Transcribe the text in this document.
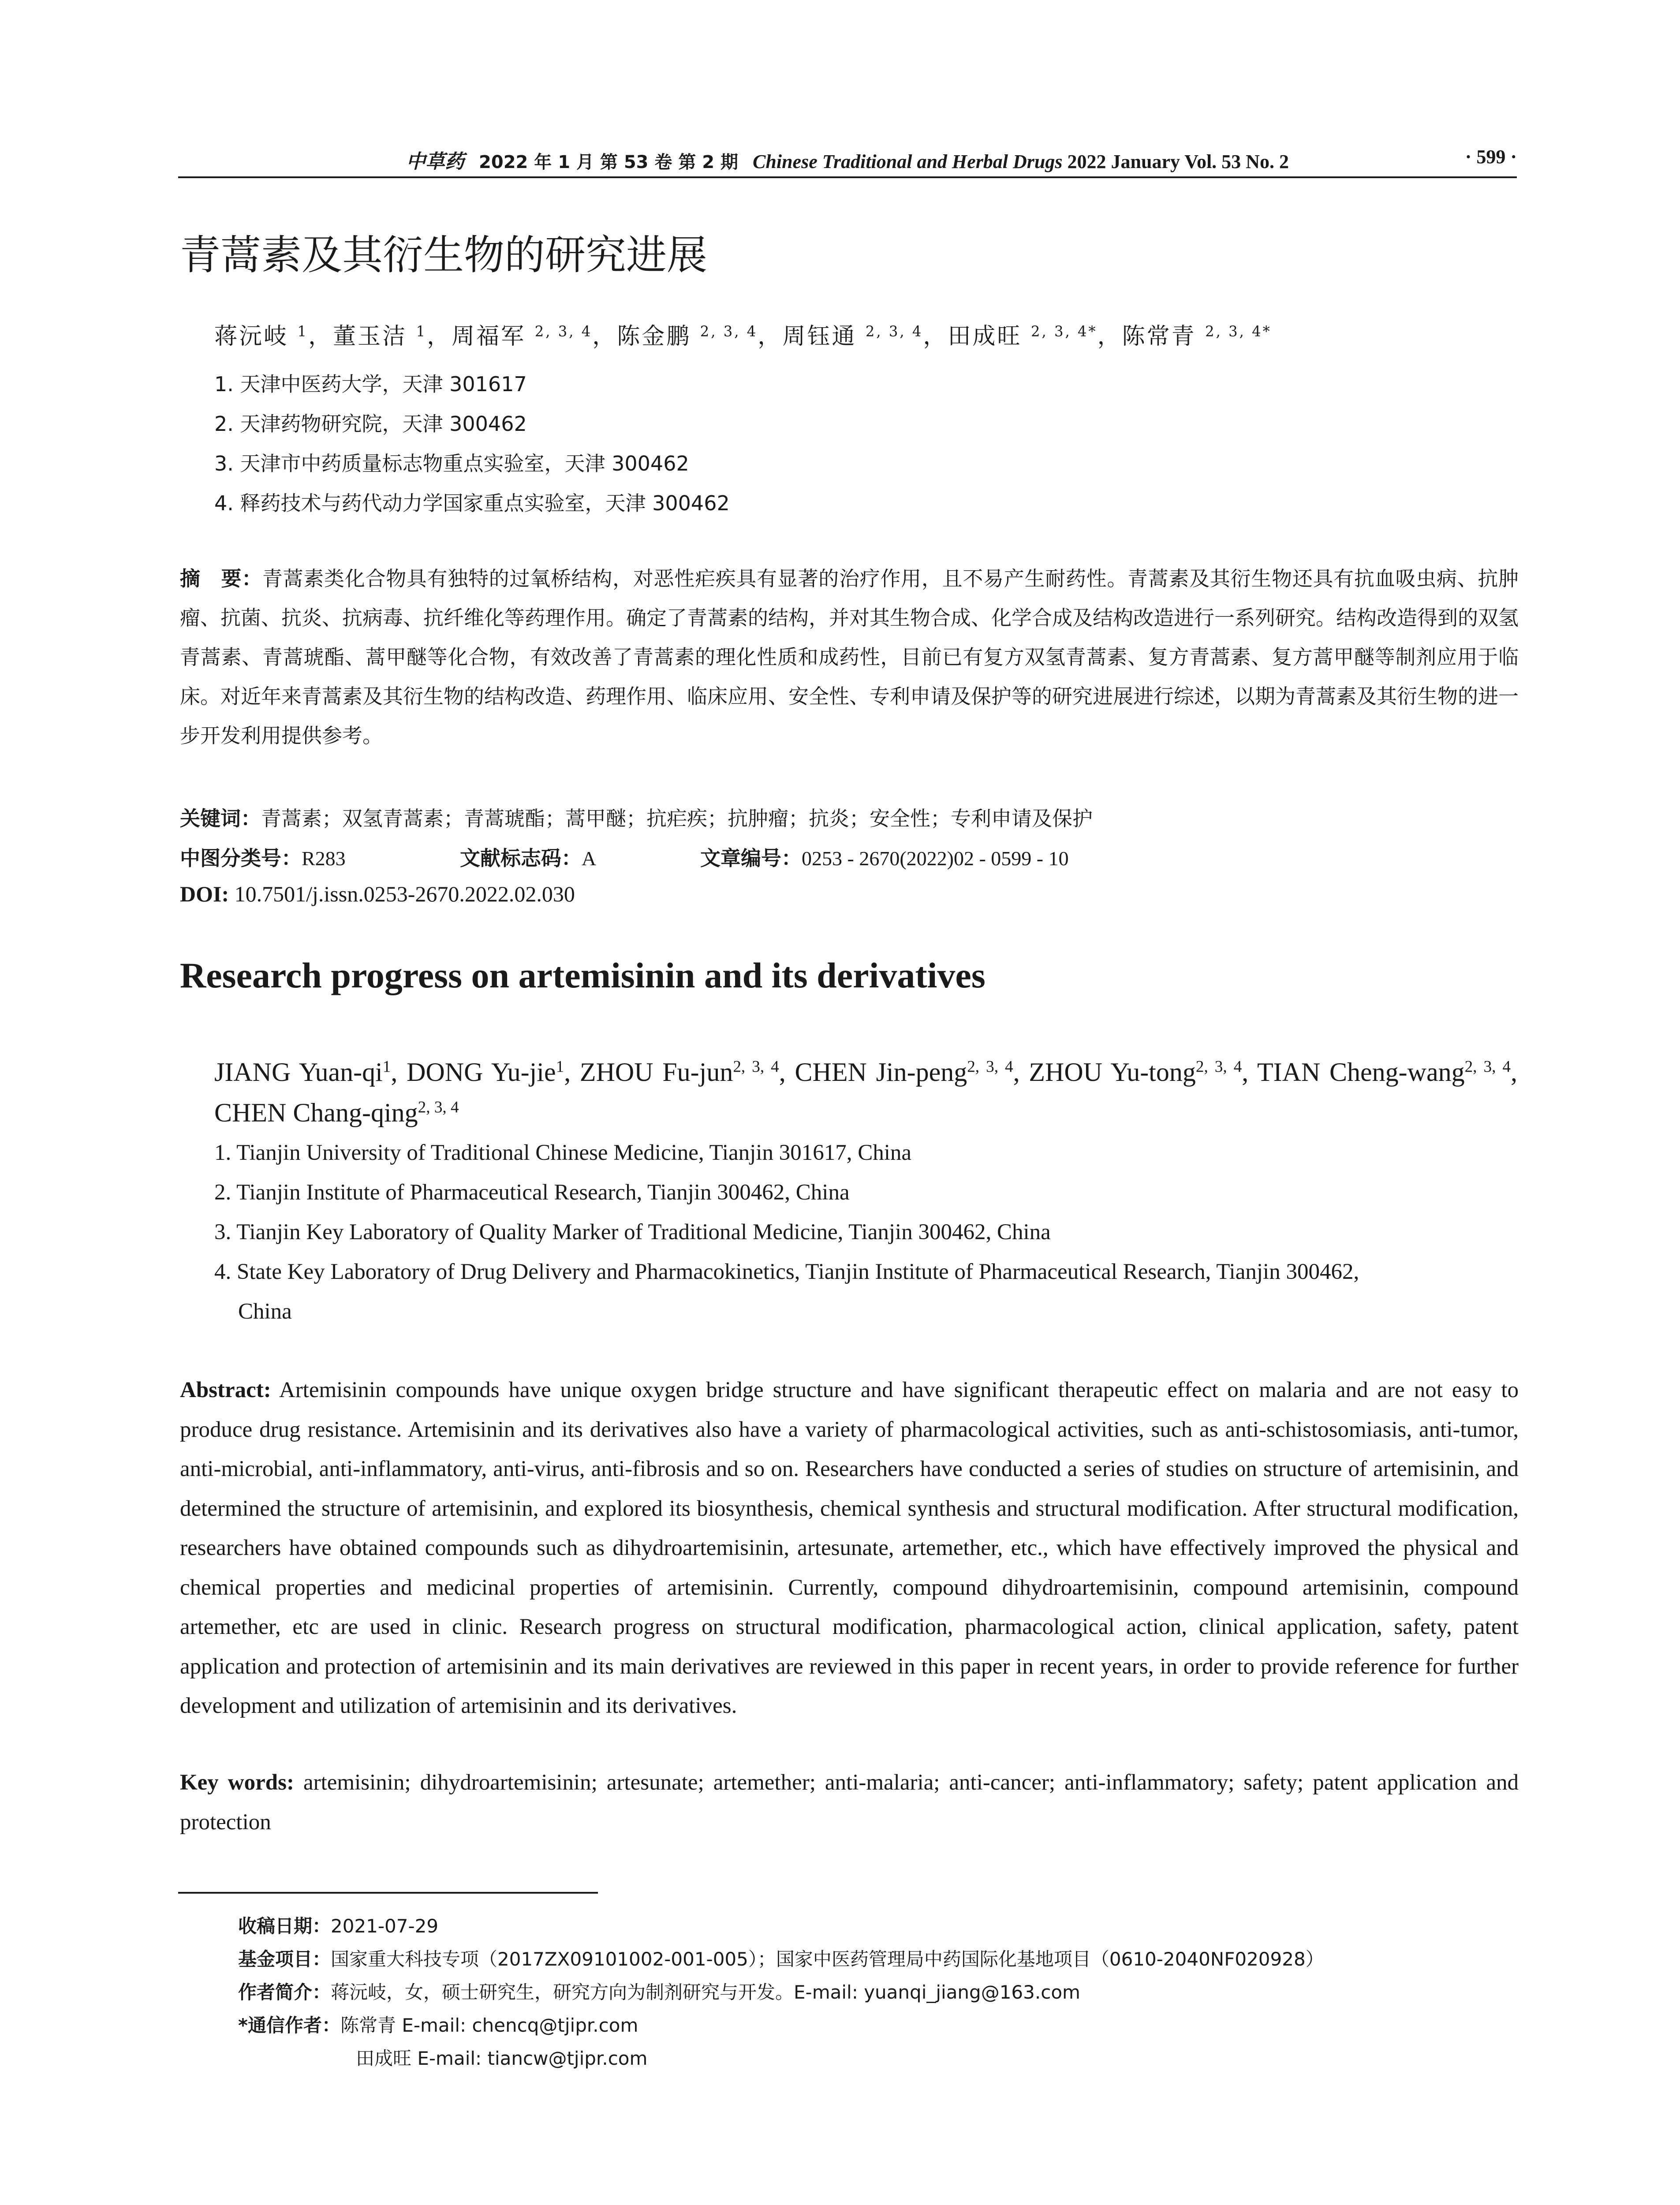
中草药 2022 年 1 月 第 53 卷 第 2 期 Chinese Traditional and Herbal Drugs 2022 January Vol. 53 No. 2	· 599 ·
青蒿素及其衍生物的研究进展
蒋沅岐 $^1$，董玉洁 $^1$，周福军 $^{2, 3, 4}$，陈金鹏 $^{2, 3, 4}$，周钰通 $^{2, 3, 4}$，田成旺 $^{2, 3, 4*}$，陈常青 $^{2, 3, 4*}$
1. 天津中医药大学，天津 301617
2. 天津药物研究院，天津 300462
3. 天津市中药质量标志物重点实验室，天津 300462
4. 释药技术与药代动力学国家重点实验室，天津 300462
摘　要：青蒿素类化合物具有独特的过氧桥结构，对恶性疟疾具有显著的治疗作用，且不易产生耐药性。青蒿素及其衍生物还具有抗血吸虫病、抗肿瘤、抗菌、抗炎、抗病毒、抗纤维化等药理作用。确定了青蒿素的结构，并对其生物合成、化学合成及结构改造进行一系列研究。结构改造得到的双氢青蒿素、青蒿琥酯、蒿甲醚等化合物，有效改善了青蒿素的理化性质和成药性，目前已有复方双氢青蒿素、复方青蒿素、复方蒿甲醚等制剂应用于临床。对近年来青蒿素及其衍生物的结构改造、药理作用、临床应用、安全性、专利申请及保护等的研究进展进行综述，以期为青蒿素及其衍生物的进一步开发利用提供参考。
关键词：青蒿素；双氢青蒿素；青蒿琥酯；蒿甲醚；抗疟疾；抗肿瘤；抗炎；安全性；专利申请及保护
中图分类号：R283	文献标志码：A	文章编号：0253 - 2670(2022)02 - 0599 - 10
DOI: 10.7501/j.issn.0253-2670.2022.02.030
Research progress on artemisinin and its derivatives
JIANG Yuan-$qi^1$, DONG Yu-jie$^1$, ZHOU Fu-jun$^{2, 3, 4}$, CHEN Jin-peng$^{2, 3, 4}$, ZHOU Yu-tong$^{2, 3, 4}$, TIAN Cheng-wang$^{2, 3, 4}$, CHEN Chang-qing$^{2, 3, 4}$
1. Tianjin University of Traditional Chinese Medicine, Tianjin 301617, China
2. Tianjin Institute of Pharmaceutical Research, Tianjin 300462, China
3. Tianjin Key Laboratory of Quality Marker of Traditional Medicine, Tianjin 300462, China
4. State Key Laboratory of Drug Delivery and Pharmacokinetics, Tianjin Institute of Pharmaceutical Research, Tianjin 300462,
China
Abstract: Artemisinin compounds have unique oxygen bridge structure and have significant therapeutic effect on malaria and are not easy to produce drug resistance. Artemisinin and its derivatives also have a variety of pharmacological activities, such as anti-schistosomiasis, anti-tumor, anti-microbial, anti-inflammatory, anti-virus, anti-fibrosis and so on. Researchers have conducted a series of studies on structure of artemisinin, and determined the structure of artemisinin, and explored its biosynthesis, chemical synthesis and structural modification. After structural modification, researchers have obtained compounds such as dihydroartemisinin, artesunate, artemether, etc., which have effectively improved the physical and chemical properties and medicinal properties of artemisinin. Currently, compound dihydroartemisinin, compound artemisinin, compound artemether, etc are used in clinic. Research progress on structural modification, pharmacological action, clinical application, safety, patent application and protection of artemisinin and its main derivatives are reviewed in this paper in recent years, in order to provide reference for further development and utilization of artemisinin and its derivatives.
Key words: artemisinin; dihydroartemisinin; artesunate; artemether; anti-malaria; anti-cancer; anti-inflammatory; safety; patent application and protection
收稿日期：2021-07-29
基金项目：国家重大科技专项（2017ZX09101002-001-005）；国家中医药管理局中药国际化基地项目（0610-2040NF020928）
作者简介：蒋沅岐，女，硕士研究生，研究方向为制剂研究与开发。E-mail: yuanqi_jiang@163.com
*通信作者：陈常青 E-mail: chencq@tjipr.com
田成旺 E-mail: tiancw@tjipr.com
